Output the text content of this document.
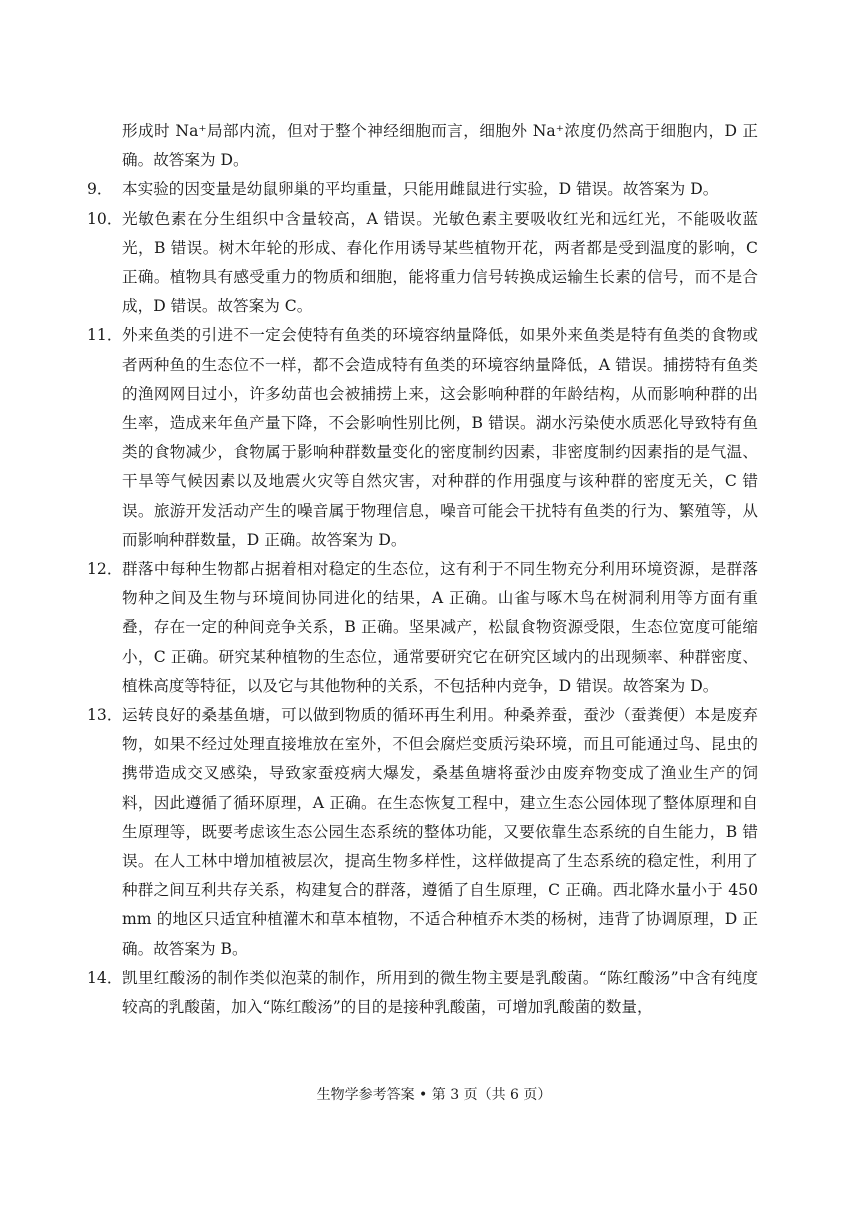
形成时 Na⁺局部内流，但对于整个神经细胞而言，细胞外 Na⁺浓度仍然高于细胞内，D 正确。故答案为 D。
9． 本实验的因变量是幼鼠卵巢的平均重量，只能用雌鼠进行实验，D 错误。故答案为 D。
10． 光敏色素在分生组织中含量较高，A 错误。光敏色素主要吸收红光和远红光，不能吸收蓝光，B 错误。树木年轮的形成、春化作用诱导某些植物开花，两者都是受到温度的影响，C 正确。植物具有感受重力的物质和细胞，能将重力信号转换成运输生长素的信号，而不是合成，D 错误。故答案为 C。
11． 外来鱼类的引进不一定会使特有鱼类的环境容纳量降低，如果外来鱼类是特有鱼类的食物或者两种鱼的生态位不一样，都不会造成特有鱼类的环境容纳量降低，A 错误。捕捞特有鱼类的渔网网目过小，许多幼苗也会被捕捞上来，这会影响种群的年龄结构，从而影响种群的出生率，造成来年鱼产量下降，不会影响性别比例，B 错误。湖水污染使水质恶化导致特有鱼类的食物减少，食物属于影响种群数量变化的密度制约因素，非密度制约因素指的是气温、干旱等气候因素以及地震火灾等自然灾害，对种群的作用强度与该种群的密度无关，C 错误。旅游开发活动产生的噪音属于物理信息，噪音可能会干扰特有鱼类的行为、繁殖等，从而影响种群数量，D 正确。故答案为 D。
12． 群落中每种生物都占据着相对稳定的生态位，这有利于不同生物充分利用环境资源，是群落物种之间及生物与环境间协同进化的结果，A 正确。山雀与啄木鸟在树洞利用等方面有重叠，存在一定的种间竞争关系，B 正确。坚果减产，松鼠食物资源受限，生态位宽度可能缩小，C 正确。研究某种植物的生态位，通常要研究它在研究区域内的出现频率、种群密度、植株高度等特征，以及它与其他物种的关系，不包括种内竞争，D 错误。故答案为 D。
13． 运转良好的桑基鱼塘，可以做到物质的循环再生利用。种桑养蚕，蚕沙（蚕粪便）本是废弃物，如果不经过处理直接堆放在室外，不但会腐烂变质污染环境，而且可能通过鸟、昆虫的携带造成交叉感染，导致家蚕疫病大爆发，桑基鱼塘将蚕沙由废弃物变成了渔业生产的饲料，因此遵循了循环原理，A 正确。在生态恢复工程中，建立生态公园体现了整体原理和自生原理等，既要考虑该生态公园生态系统的整体功能，又要依靠生态系统的自生能力，B 错误。在人工林中增加植被层次，提高生物多样性，这样做提高了生态系统的稳定性，利用了种群之间互利共存关系，构建复合的群落，遵循了自生原理，C 正确。西北降水量小于 450mm 的地区只适宜种植灌木和草本植物，不适合种植乔木类的杨树，违背了协调原理，D 正确。故答案为 B。
14． 凯里红酸汤的制作类似泡菜的制作，所用到的微生物主要是乳酸菌。“陈红酸汤”中含有纯度较高的乳酸菌，加入“陈红酸汤”的目的是接种乳酸菌，可增加乳酸菌的数量，
生物学参考答案 • 第 3 页（共 6 页）
